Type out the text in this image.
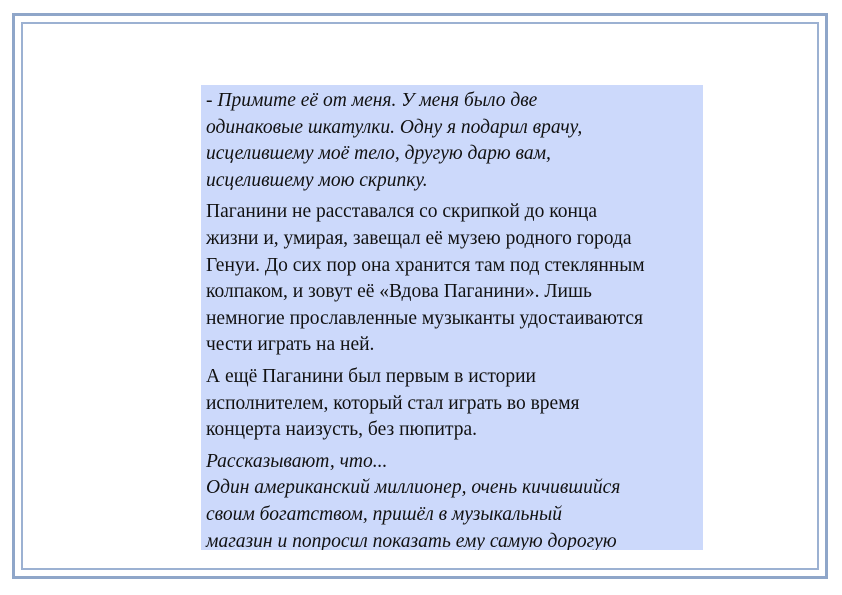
- Примите её от меня. У меня было две
одинаковые шкатулки. Одну я подарил врачу,
исцелившему моё тело, другую дарю вам,
исцелившему мою скрипку.

Паганини не расставался со скрипкой до конца
жизни и, умирая, завещал её музею родного города
Генуи. До сих пор она хранится там под стеклянным
колпаком, и зовут её «Вдова Паганини». Лишь
немногие прославленные музыканты удостаиваются
чести играть на ней.

А ещё Паганини был первым в истории
исполнителем, который стал играть во время
концерта наизусть, без пюпитра.

Рассказывают, что...
Один американский миллионер, очень кичившийся
своим богатством, пришёл в музыкальный
магазин и попросил показать ему самую дорогую
